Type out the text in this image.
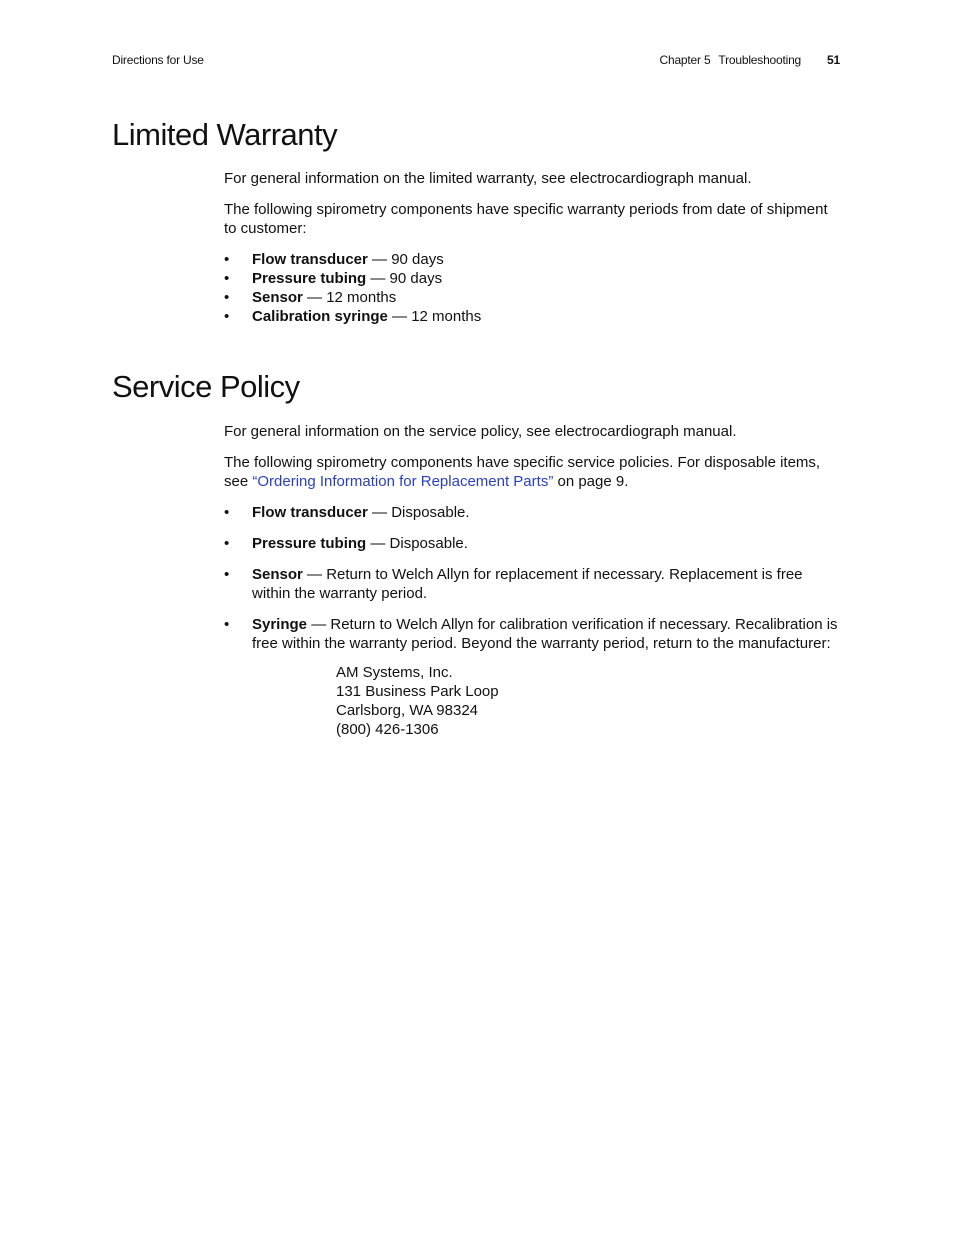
Directions for Use	Chapter 5 Troubleshooting 51
Limited Warranty

For general information on the limited warranty, see electrocardiograph manual.

The following spirometry components have specific warranty periods from date of shipment to customer:

• Flow transducer — 90 days
• Pressure tubing — 90 days
• Sensor — 12 months
• Calibration syringe — 12 months
Service Policy

For general information on the service policy, see electrocardiograph manual.

The following spirometry components have specific service policies. For disposable items, see “Ordering Information for Replacement Parts” on page 9.

• Flow transducer — Disposable.
• Pressure tubing — Disposable.
• Sensor — Return to Welch Allyn for replacement if necessary. Replacement is free within the warranty period.
• Syringe — Return to Welch Allyn for calibration verification if necessary. Recalibration is free within the warranty period. Beyond the warranty period, return to the manufacturer:
AM Systems, Inc.
131 Business Park Loop
Carlsborg, WA 98324
(800) 426-1306
